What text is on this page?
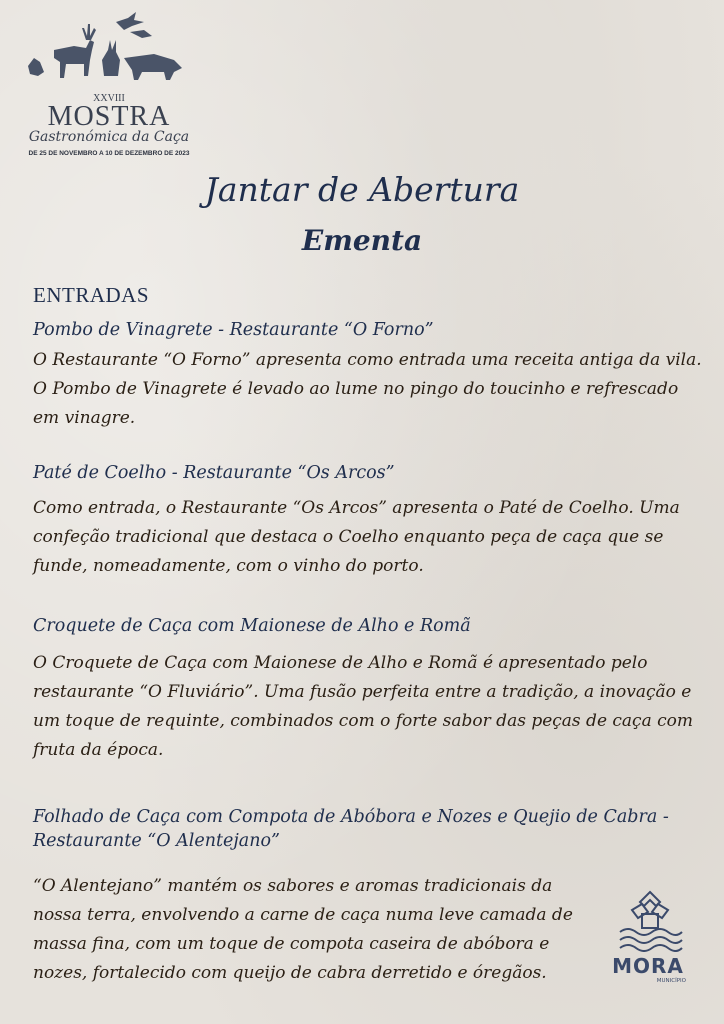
XXVIII
MOSTRA
Gastronómica da Caça
DE 25 DE NOVEMBRO A 10 DE DEZEMBRO DE 2023
Jantar de Abertura
Ementa
ENTRADAS
Pombo de Vinagrete - Restaurante “O Forno”
O Restaurante “O Forno” apresenta como entrada uma receita antiga da vila. O Pombo de Vinagrete é levado ao lume no pingo do toucinho e refrescado em vinagre.
Paté de Coelho - Restaurante “Os Arcos”
Como entrada, o Restaurante “Os Arcos” apresenta o Paté de Coelho. Uma confeção tradicional que destaca o Coelho enquanto peça de caça que se funde, nomeadamente, com o vinho do porto.
Croquete de Caça com Maionese de Alho e Romã
O Croquete de Caça com Maionese de Alho e Romã é apresentado pelo restaurante “O Fluviário”. Uma fusão perfeita entre a tradição, a inovação e um toque de requinte, combinados com o forte sabor das peças de caça com fruta da época.
Folhado de Caça com Compota de Abóbora e Nozes e Quejio de Cabra - Restaurante “O Alentejano”
“O Alentejano” mantém os sabores e aromas tradicionais da nossa terra, envolvendo a carne de caça numa leve camada de massa fina, com um toque de compota caseira de abóbora e nozes, fortalecido com queijo de cabra derretido e óregãos.	MORA
MUNICÍPIO
